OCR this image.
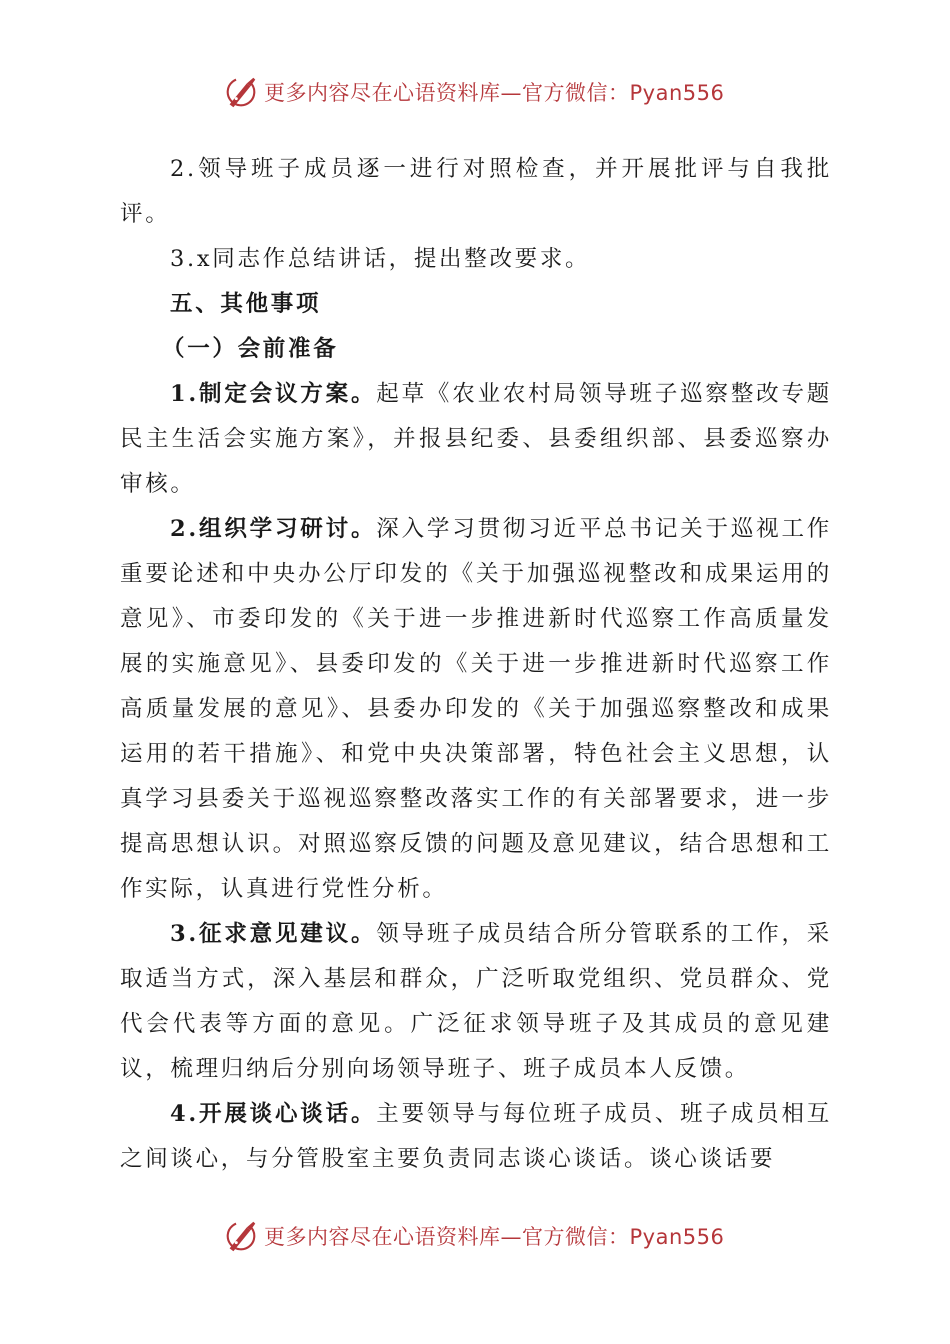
更多内容尽在心语资料库—官方微信：Pyan556

2.领导班子成员逐一进行对照检查，并开展批评与自我批评。

3.x同志作总结讲话，提出整改要求。

五、其他事项

（一）会前准备

1.制定会议方案。起草《农业农村局领导班子巡察整改专题民主生活会实施方案》，并报县纪委、县委组织部、县委巡察办审核。

2.组织学习研讨。深入学习贯彻习近平总书记关于巡视工作重要论述和中央办公厅印发的《关于加强巡视整改和成果运用的意见》、市委印发的《关于进一步推进新时代巡察工作高质量发展的实施意见》、县委印发的《关于进一步推进新时代巡察工作高质量发展的意见》、县委办印发的《关于加强巡察整改和成果运用的若干措施》、和党中央决策部署，特色社会主义思想，认真学习县委关于巡视巡察整改落实工作的有关部署要求，进一步提高思想认识。对照巡察反馈的问题及意见建议，结合思想和工作实际，认真进行党性分析。

3.征求意见建议。领导班子成员结合所分管联系的工作，采取适当方式，深入基层和群众，广泛听取党组织、党员群众、党代会代表等方面的意见。广泛征求领导班子及其成员的意见建议，梳理归纳后分别向场领导班子、班子成员本人反馈。

4.开展谈心谈话。主要领导与每位班子成员、班子成员相互之间谈心，与分管股室主要负责同志谈心谈话。谈心谈话要

更多内容尽在心语资料库—官方微信：Pyan556
